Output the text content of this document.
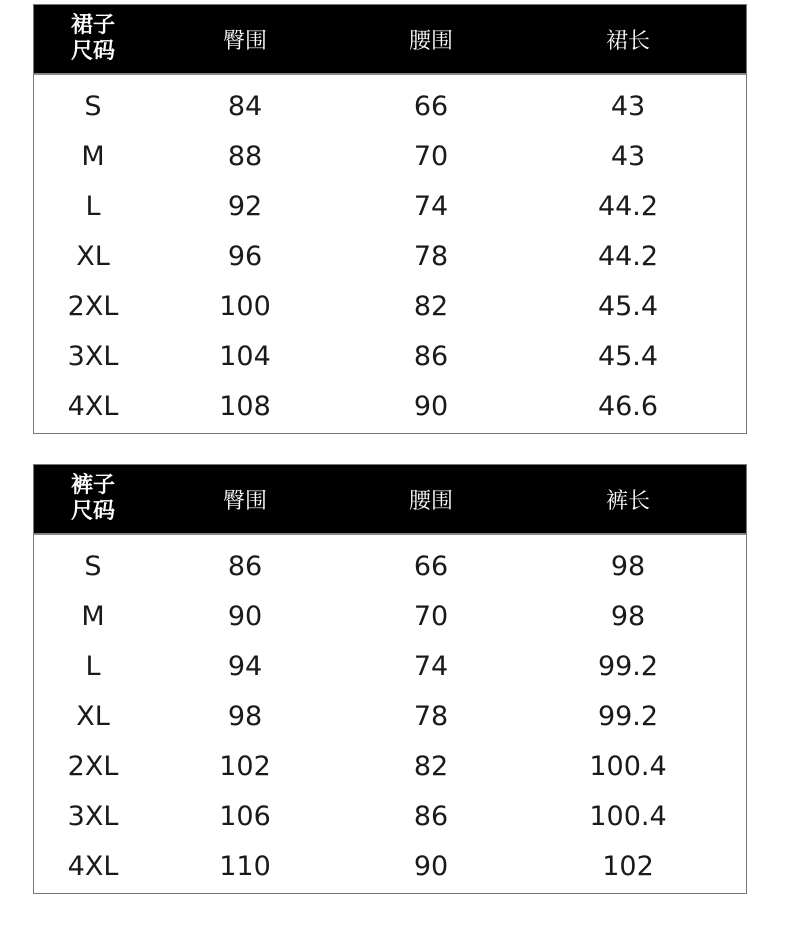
裙子
尺码	臀围	腰围	裙长
S	84	66	43
M	88	70	43
L	92	74	44.2
XL	96	78	44.2
2XL	100	82	45.4
3XL	104	86	45.4
4XL	108	90	46.6
裤子
尺码	臀围	腰围	裤长
S	86	66	98
M	90	70	98
L	94	74	99.2
XL	98	78	99.2
2XL	102	82	100.4
3XL	106	86	100.4
4XL	110	90	102
